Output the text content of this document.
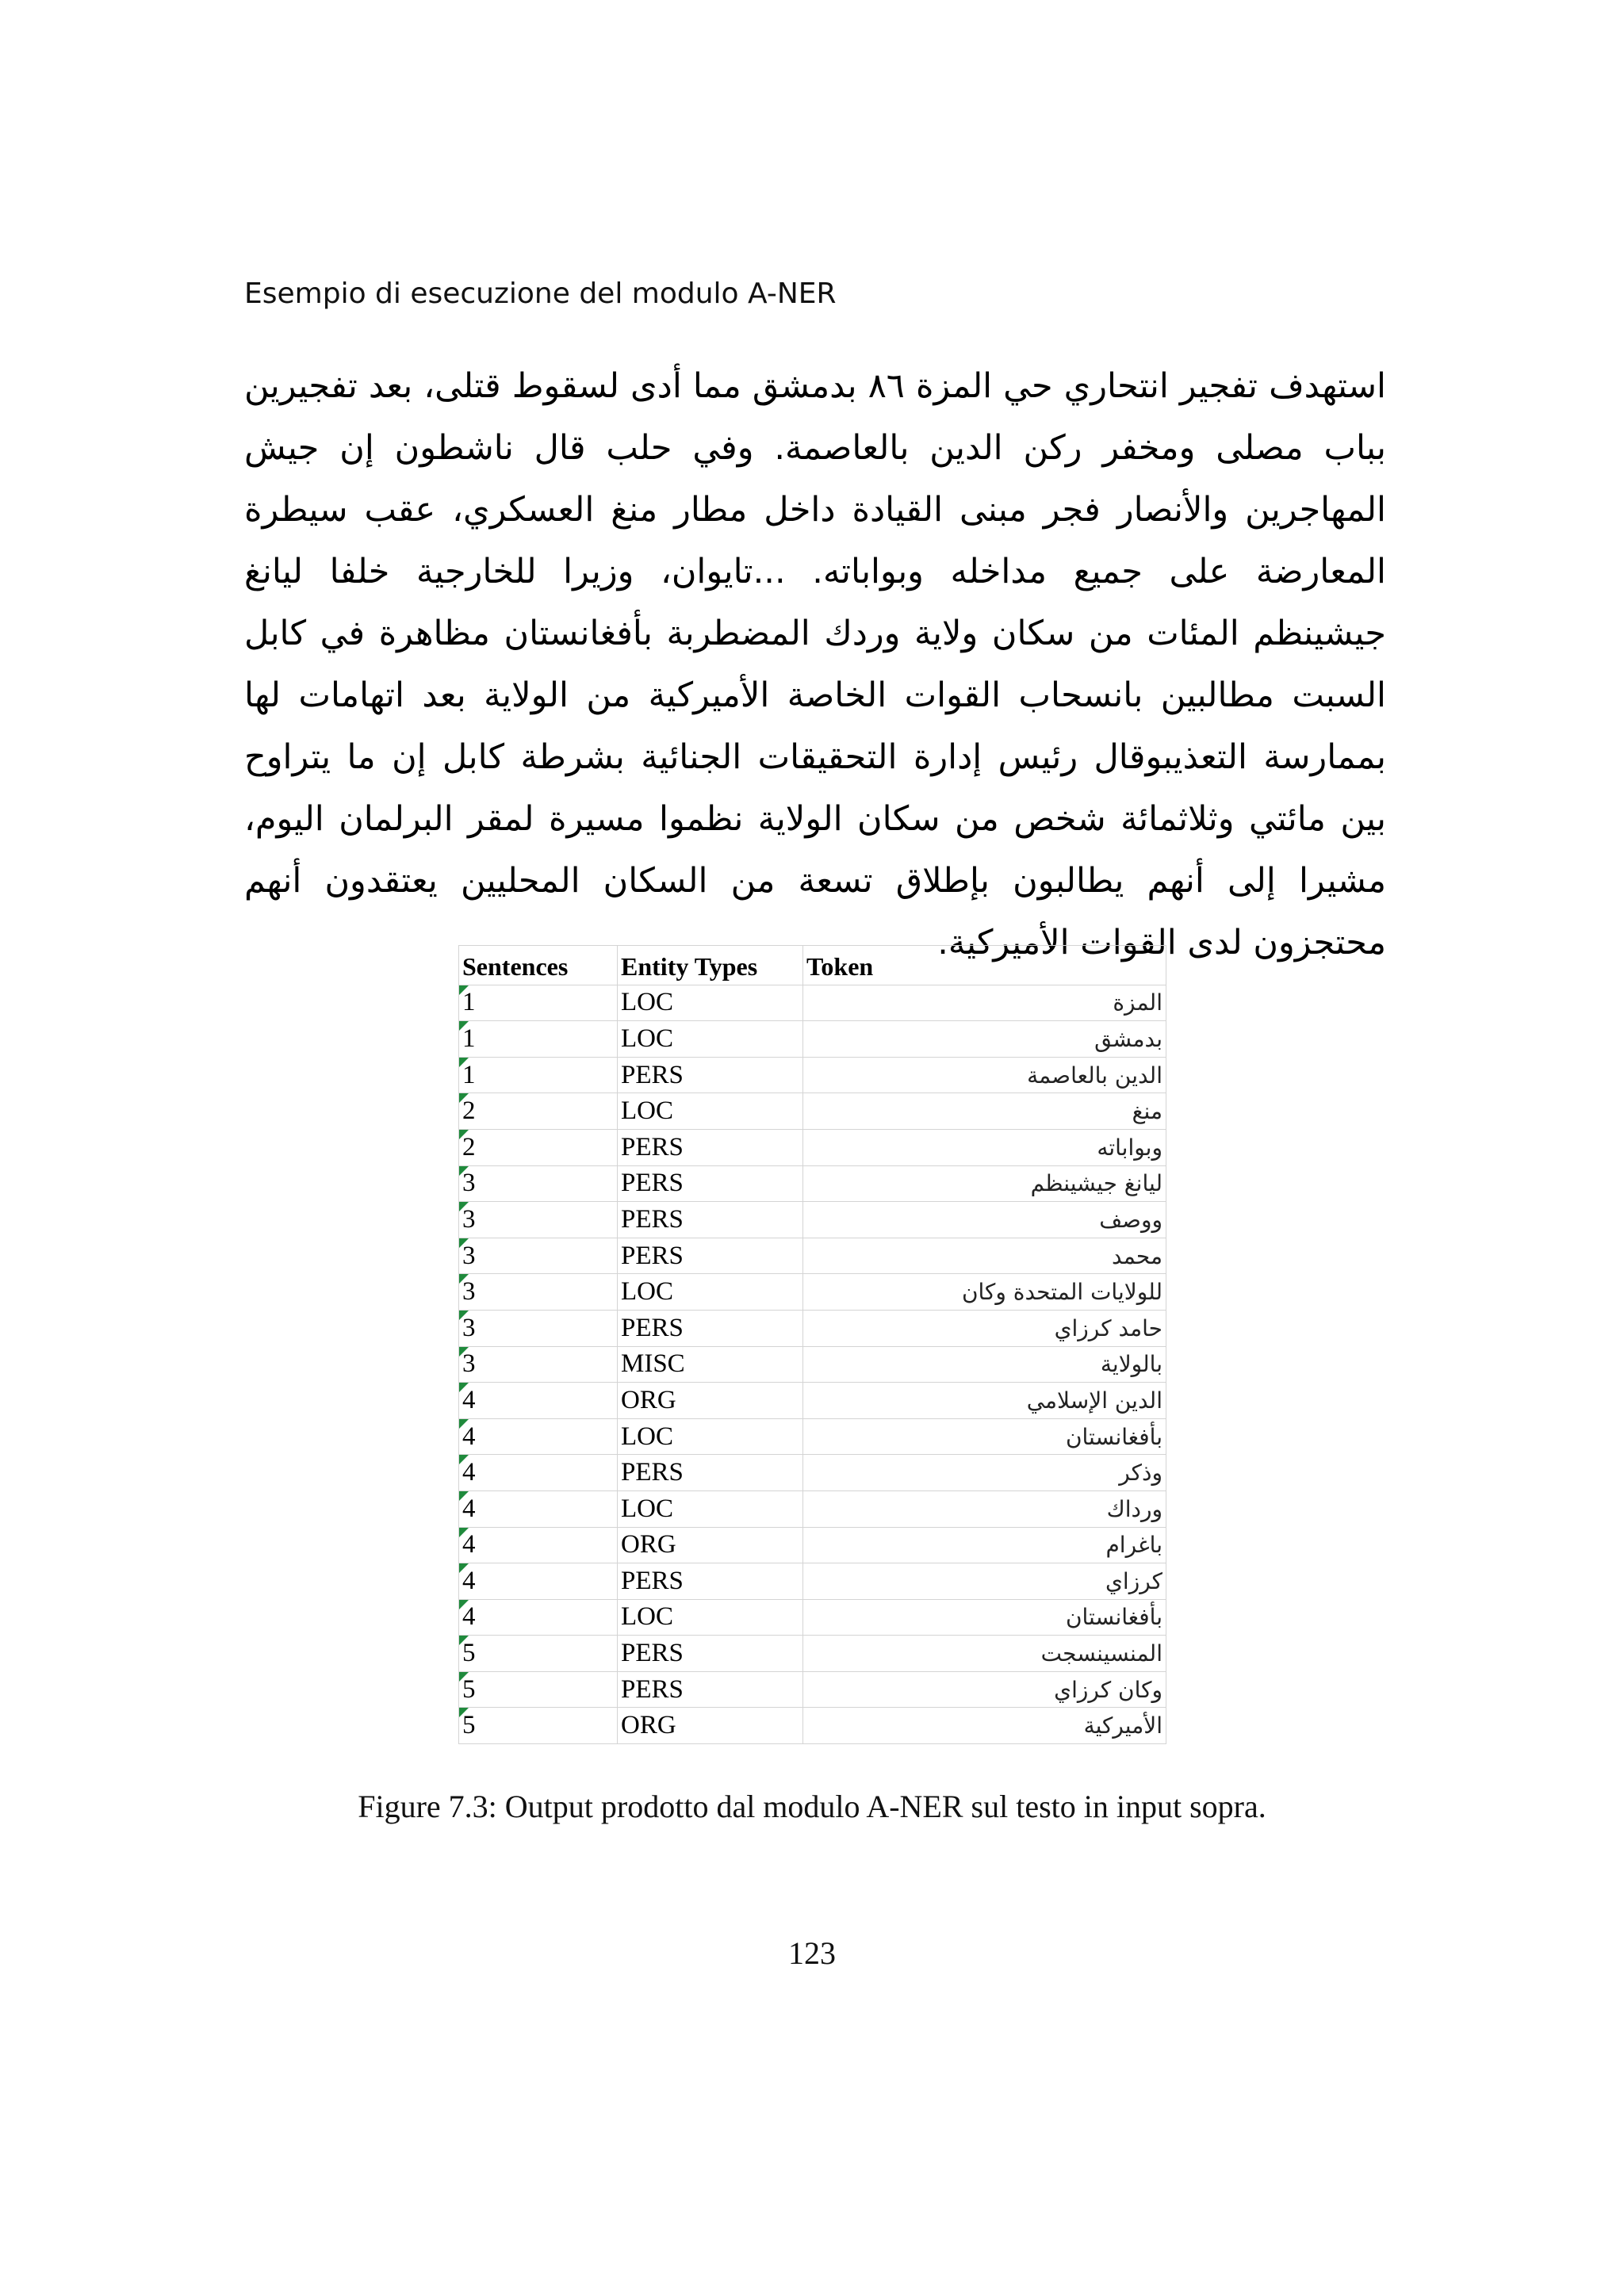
Esempio di esecuzione del modulo A-NER

استهدف تفجير انتحاري حي المزة ٨٦ بدمشق مما أدى لسقوط قتلى، بعد تفجيرين بباب مصلى ومخفر ركن الدين بالعاصمة. وفي حلب قال ناشطون إن جيش المهاجرين والأنصار فجر مبنى القيادة داخل مطار منغ العسكري، عقب سيطرة المعارضة على جميع مداخله وبواباته. ...تايوان، وزيرا للخارجية خلفا ليانغ جيشينظم المئات من سكان ولاية وردك المضطربة بأفغانستان مظاهرة في كابل السبت مطالبين بانسحاب القوات الخاصة الأميركية من الولاية بعد اتهامات لها بممارسة التعذيبوقال رئيس إدارة التحقيقات الجنائية بشرطة كابل إن ما يتراوح بين مائتي وثلاثمائة شخص من سكان الولاية نظموا مسيرة لمقر البرلمان اليوم، مشيرا إلى أنهم يطالبون بإطلاق تسعة من السكان المحليين يعتقدون أنهم محتجزون لدى القوات الأميركية.

Sentences	Entity Types	Token
1	LOC	المزة
1	LOC	بدمشق
1	PERS	الدين بالعاصمة
2	LOC	منغ
2	PERS	وبواباته
3	PERS	ليانغ جيشينظم
3	PERS	ووصف
3	PERS	محمد
3	LOC	للولايات المتحدة وكان
3	PERS	حامد كرزاي
3	MISC	بالولاية
4	ORG	الدين الإسلامي
4	LOC	بأفغانستان
4	PERS	وذكر
4	LOC	ورداك
4	ORG	باغرام
4	PERS	كرزاي
4	LOC	بأفغانستان
5	PERS	المنسينسجت
5	PERS	وكان كرزاي
5	ORG	الأميركية
Figure 7.3: Output prodotto dal modulo A-NER sul testo in input sopra.
123
